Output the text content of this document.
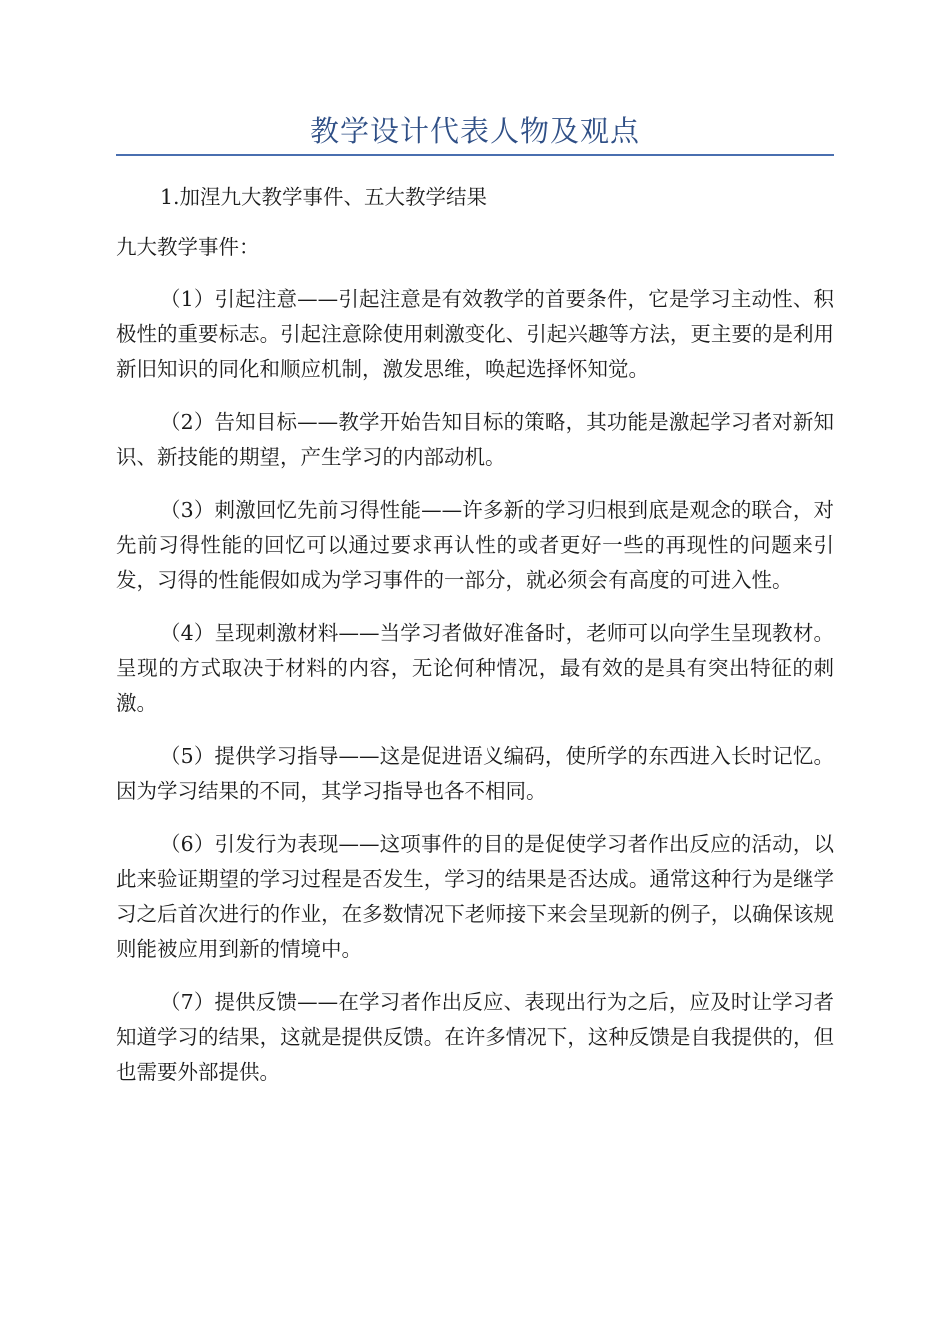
教学设计代表人物及观点

1.加涅九大教学事件、五大教学结果

九大教学事件：

（1）引起注意——引起注意是有效教学的首要条件，它是学习主动性、积极性的重要标志。引起注意除使用刺激变化、引起兴趣等方法，更主要的是利用新旧知识的同化和顺应机制，激发思维，唤起选择怀知觉。

（2）告知目标——教学开始告知目标的策略，其功能是激起学习者对新知识、新技能的期望，产生学习的内部动机。

（3）刺激回忆先前习得性能——许多新的学习归根到底是观念的联合，对先前习得性能的回忆可以通过要求再认性的或者更好一些的再现性的问题来引发，习得的性能假如成为学习事件的一部分，就必须会有高度的可进入性。

（4）呈现刺激材料——当学习者做好准备时，老师可以向学生呈现教材。呈现的方式取决于材料的内容，无论何种情况，最有效的是具有突出特征的刺激。

（5）提供学习指导——这是促进语义编码，使所学的东西进入长时记忆。因为学习结果的不同，其学习指导也各不相同。

（6）引发行为表现——这项事件的目的是促使学习者作出反应的活动，以此来验证期望的学习过程是否发生，学习的结果是否达成。通常这种行为是继学习之后首次进行的作业，在多数情况下老师接下来会呈现新的例子，以确保该规则能被应用到新的情境中。

（7）提供反馈——在学习者作出反应、表现出行为之后，应及时让学习者知道学习的结果，这就是提供反馈。在许多情况下，这种反馈是自我提供的，但也需要外部提供。
